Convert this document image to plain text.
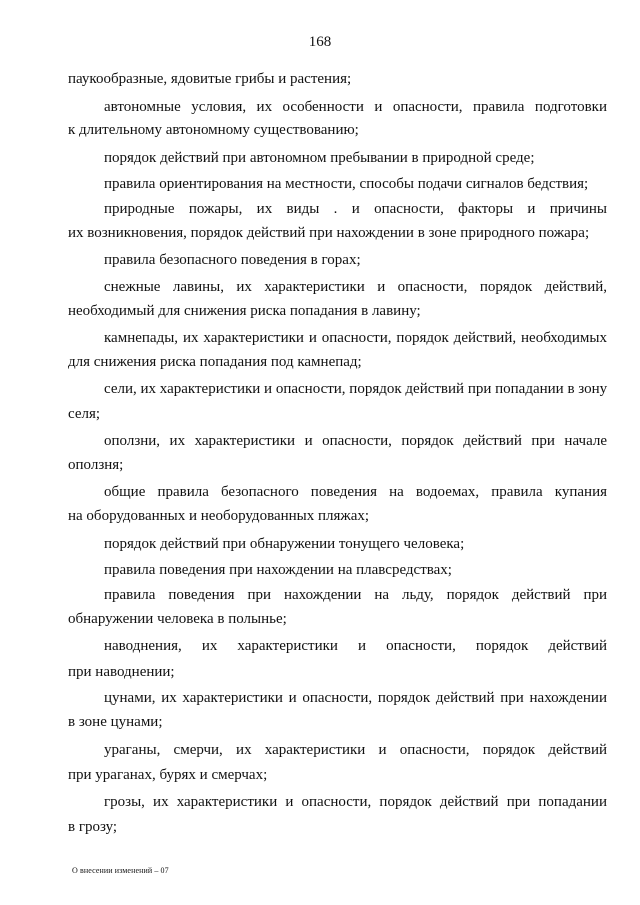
168
паукообразные, ядовитые грибы и растения;
автономные условия, их особенности и опасности, правила подготовки
к длительному автономному существованию;
порядок действий при автономном пребывании в природной среде;
правила ориентирования на местности, способы подачи сигналов бедствия;
природные пожары, их виды . и опасности, факторы и причины
их возникновения, порядок действий при нахождении в зоне природного пожара;
правила безопасного поведения в горах;
снежные лавины, их характеристики и опасности, порядок действий,
необходимый для снижения риска попадания в лавину;
камнепады, их характеристики и опасности, порядок действий, необходимых
для снижения риска попадания под камнепад;
сели, их характеристики и опасности, порядок действий при попадании в зону
селя;
оползни, их характеристики и опасности, порядок действий при начале
оползня;
общие правила безопасного поведения на водоемах, правила купания
на оборудованных и необорудованных пляжах;
порядок действий при обнаружении тонущего человека;
правила поведения при нахождении на плавсредствах;
правила поведения при нахождении на льду, порядок действий при
обнаружении человека в полынье;
наводнения, их характеристики и опасности, порядок действий
при наводнении;
цунами, их характеристики и опасности, порядок действий при нахождении
в зоне цунами;
ураганы, смерчи, их характеристики и опасности, порядок действий
при ураганах, бурях и смерчах;
грозы, их характеристики и опасности, порядок действий при попадании
в грозу;
О внесении изменений – 07
